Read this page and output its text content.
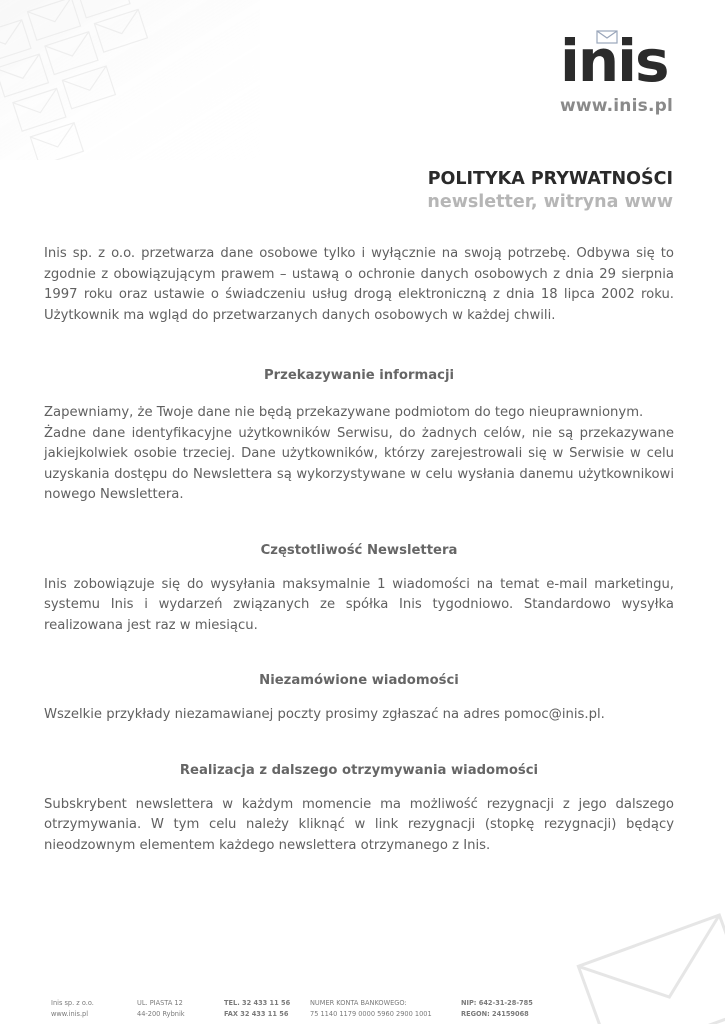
inis
www.inis.pl

POLITYKA PRYWATNOŚCI

newsletter, witryna www

Inis sp. z o.o. przetwarza dane osobowe tylko i wyłącznie na swoją potrzebę. Odbywa się to zgodnie z obowiązującym prawem – ustawą o ochronie danych osobowych z dnia 29 sierpnia 1997 roku oraz ustawie o świadczeniu usług drogą elektroniczną z dnia 18 lipca 2002 roku. Użytkownik ma wgląd do przetwarzanych danych osobowych w każdej chwili.

Przekazywanie informacji

Zapewniamy, że Twoje dane nie będą przekazywane podmiotom do tego nieuprawnionym.

Żadne dane identyfikacyjne użytkowników Serwisu, do żadnych celów, nie są przekazywane jakiejkolwiek osobie trzeciej. Dane użytkowników, którzy zarejestrowali się w Serwisie w celu uzyskania dostępu do Newslettera są wykorzystywane w celu wysłania danemu użytkownikowi nowego Newslettera.

Częstotliwość Newslettera

Inis zobowiązuje się do wysyłania maksymalnie 1 wiadomości na temat e-mail marketingu, systemu Inis i wydarzeń związanych ze spółka Inis tygodniowo. Standardowo wysyłka realizowana jest raz w miesiącu.

Niezamówione wiadomości

Wszelkie przykłady niezamawianej poczty prosimy zgłaszać na adres pomoc@inis.pl.

Realizacja z dalszego otrzymywania wiadomości

Subskrybent newslettera w każdym momencie ma możliwość rezygnacji z jego dalszego otrzymywania. W tym celu należy kliknąć w link rezygnacji (stopkę rezygnacji) będący nieodzownym elementem każdego newslettera otrzymanego z Inis.

Inis sp. z o.o.
www.inis.pl
UL. PIASTA 12
44-200 Rybnik
TEL. 32 433 11 56
FAX 32 433 11 56
NUMER KONTA BANKOWEGO:
75 1140 1179 0000 5960 2900 1001
NIP: 642-31-28-785
REGON: 24159068
